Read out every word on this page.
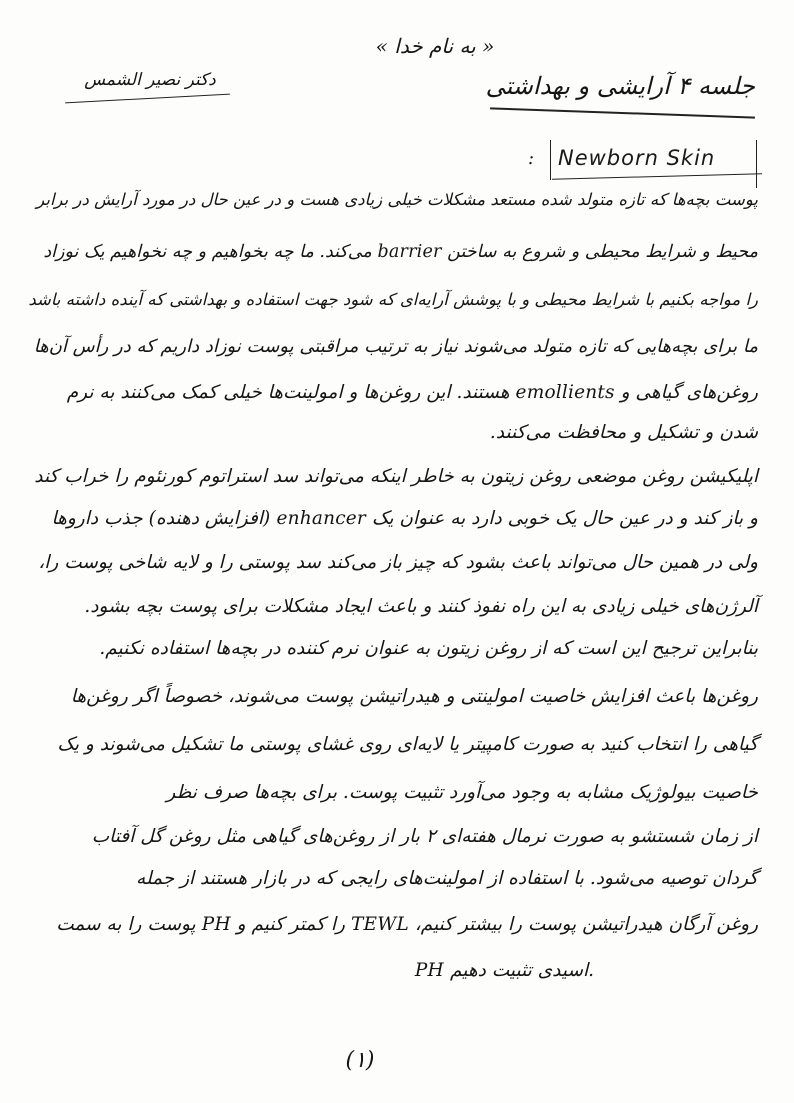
« به نام خدا »
دکتر نصیر الشمس	جلسه ۴ آرایشی و بهداشتی
: Newborn Skin
پوست بچه‌ها که تازه متولد شده مستعد مشکلات خیلی زیادی هست و در عین حال در مورد آرایش در برابر
محیط و شرایط محیطی و شروع به ساختن barrier می‌کند. ما چه بخواهیم و چه نخواهیم یک نوزاد
را مواجه بکنیم با شرایط محیطی و با پوشش آرایه‌ای که شود جهت استفاده و بهداشتی که آینده داشته باشد
ما برای بچه‌هایی که تازه متولد می‌شوند نیاز به ترتیب مراقبتی پوست نوزاد داریم که در رأس آن‌ها
روغن‌های گیاهی و emollients هستند. این روغن‌ها و امولینت‌ها خیلی کمک می‌کنند به نرم
شدن و تشکیل و محافظت می‌کنند.
اپلیکیشن روغن موضعی روغن زیتون به خاطر اینکه می‌تواند سد استراتوم کورنئوم را خراب کند
و باز کند و در عین حال یک خوبی دارد به عنوان یک enhancer (افزایش دهنده) جذب داروها
ولی در همین حال می‌تواند باعث بشود که چیز باز می‌کند سد پوستی را و لایه شاخی پوست را،
آلرژن‌های خیلی زیادی به این راه نفوذ کنند و باعث ایجاد مشکلات برای پوست بچه بشود.
بنابراین ترجیح این است که از روغن زیتون به عنوان نرم کننده در بچه‌ها استفاده نکنیم.
روغن‌ها باعث افزایش خاصیت امولینتی و هیدراتیشن پوست می‌شوند، خصوصاً اگر روغن‌ها
گیاهی را انتخاب کنید به صورت کامپیتر یا لایه‌ای روی غشای پوستی ما تشکیل می‌شوند و یک
خاصیت بیولوژیک مشابه به وجود می‌آورد تثبیت پوست. برای بچه‌ها صرف نظر
از زمان شستشو به صورت نرمال هفته‌ای ۲ بار از روغن‌های گیاهی مثل روغن گل آفتاب
گردان توصیه می‌شود. با استفاده از امولینت‌های رایجی که در بازار هستند از جمله
روغن آرگان هیدراتیشن پوست را بیشتر کنیم، TEWL را کمتر کنیم و PH پوست را به سمت
PH اسیدی تثبیت دهیم.
(۱)
